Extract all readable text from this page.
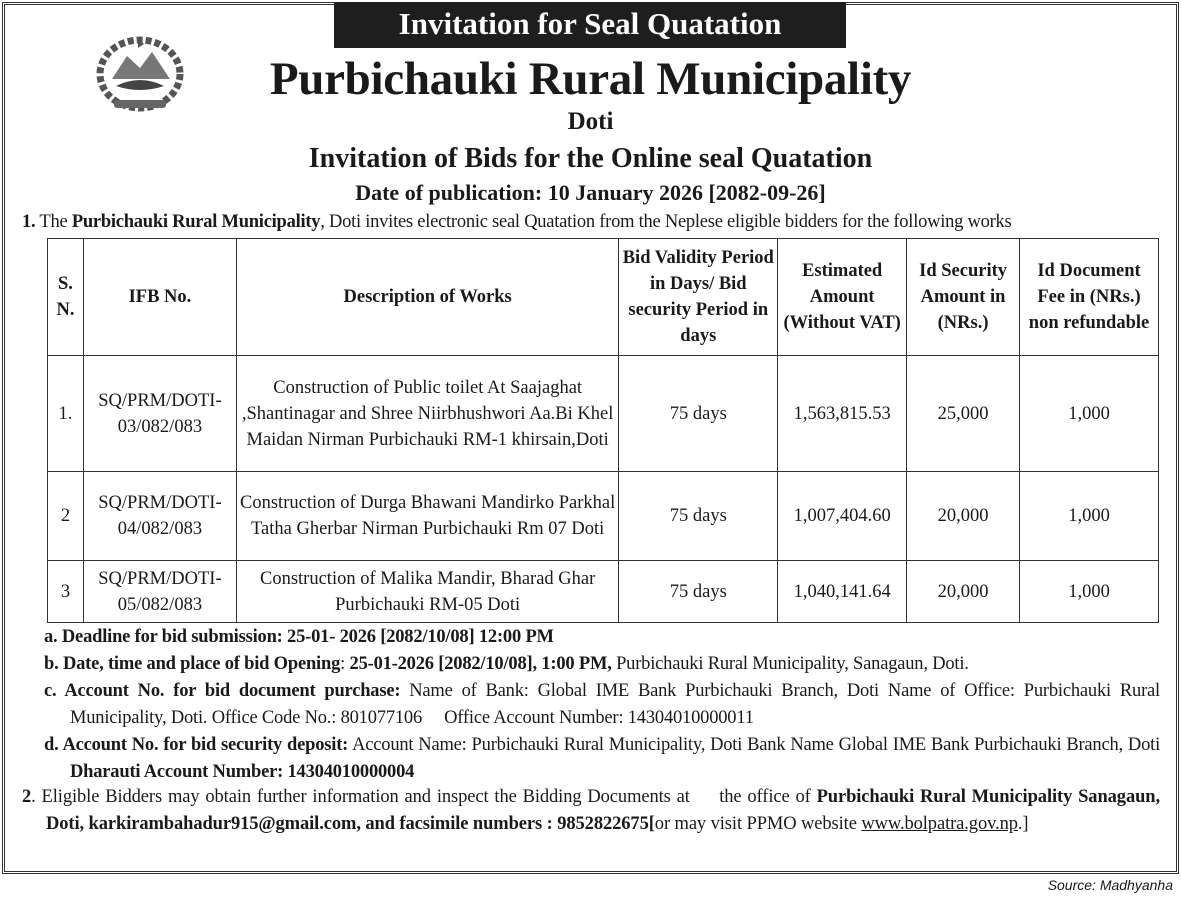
Invitation for Seal Quatation
Purbichauki Rural Municipality
Doti
Invitation of Bids for the Online seal Quatation
Date of publication: 10 January 2026 [2082-09-26]
1. The Purbichauki Rural Municipality, Doti invites electronic seal Quatation from the Neplese eligible bidders for the following works
S. N.	IFB No.	Description of Works	Bid Validity Period in Days/ Bid security Period in days	Estimated Amount (Without VAT)	Id Security Amount in (NRs.)	Id Document Fee in (NRs.) non refundable
1.	SQ/PRM/DOTI-03/082/083	Construction of Public toilet At Saajaghat ,Shantinagar and Shree Niirbhushwori Aa.Bi Khel Maidan Nirman Purbichauki RM-1 khirsain,Doti	75 days	1,563,815.53	25,000	1,000
2	SQ/PRM/DOTI-04/082/083	Construction of Durga Bhawani Mandirko Parkhal Tatha Gherbar Nirman Purbichauki Rm 07 Doti	75 days	1,007,404.60	20,000	1,000
3	SQ/PRM/DOTI-05/082/083	Construction of Malika Mandir, Bharad Ghar Purbichauki RM-05 Doti	75 days	1,040,141.64	20,000	1,000
a. Deadline for bid submission: 25-01- 2026 [2082/10/08] 12:00 PM
b. Date, time and place of bid Opening: 25-01-2026 [2082/10/08], 1:00 PM, Purbichauki Rural Municipality, Sanagaun, Doti.
c. Account No. for bid document purchase: Name of Bank: Global IME Bank Purbichauki Branch, Doti Name of Office: Purbichauki Rural Municipality, Doti. Office Code No.: 801077106     Office Account Number: 14304010000011
d. Account No. for bid security deposit: Account Name: Purbichauki Rural Municipality, Doti Bank Name Global IME Bank Purbichauki Branch, Doti Dharauti Account Number: 14304010000004
2. Eligible Bidders may obtain further information and inspect the Bidding Documents at     the office of Purbichauki Rural Municipality Sanagaun, Doti, karkirambahadur915@gmail.com, and facsimile numbers : 9852822675[or may visit PPMO website www.bolpatra.gov.np.]
Source: Madhyanha
